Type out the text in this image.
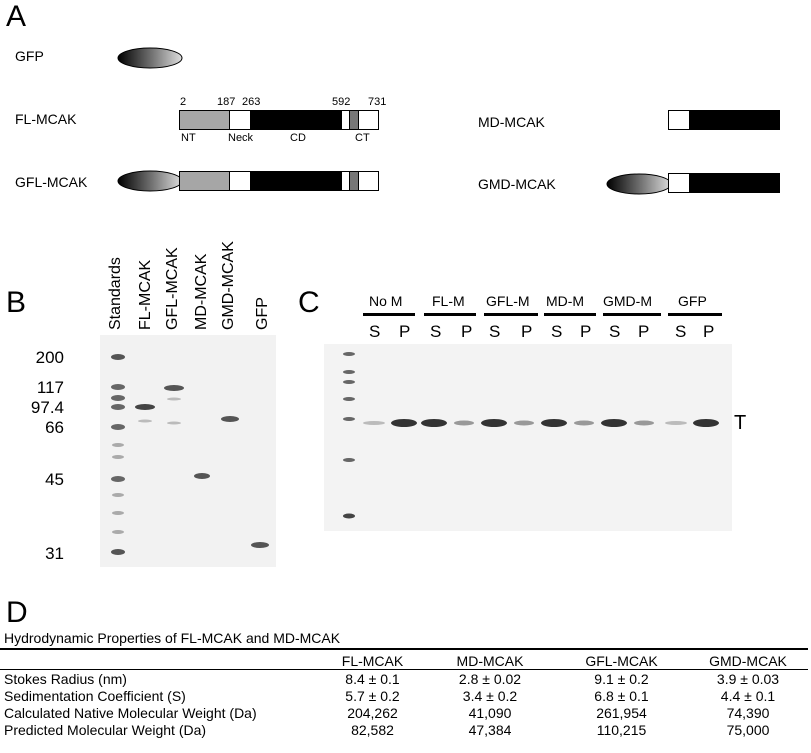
A
GFP
FL-MCAK
2	187 263	592 731
NT	Neck	CD	CT
GFL-MCAK
MD-MCAK
GMD-MCAK
B	Standards FL-MCAK GFL-MCAK MD-MCAK GMD-MCAK GFP
200
117
97.4
66
45
31
C	No M FL-M GFL-M MD-M GMD-M GFP
S P S P S P S P S P S P
T
D
Hydrodynamic Properties of FL-MCAK and MD-MCAK
	FL-MCAK	MD-MCAK	GFL-MCAK	GMD-MCAK

Stokes Radius (nm)	8.4 ± 0.1	2.8 ± 0.02	9.1 ± 0.2	3.9 ± 0.03
Sedimentation Coefficient (S)	5.7 ± 0.2	3.4 ± 0.2	6.8 ± 0.1	4.4 ± 0.1
Calculated Native Molecular Weight (Da)	204,262	41,090	261,954	74,390
Predicted Molecular Weight (Da)	82,582	47,384	110,215	75,000
